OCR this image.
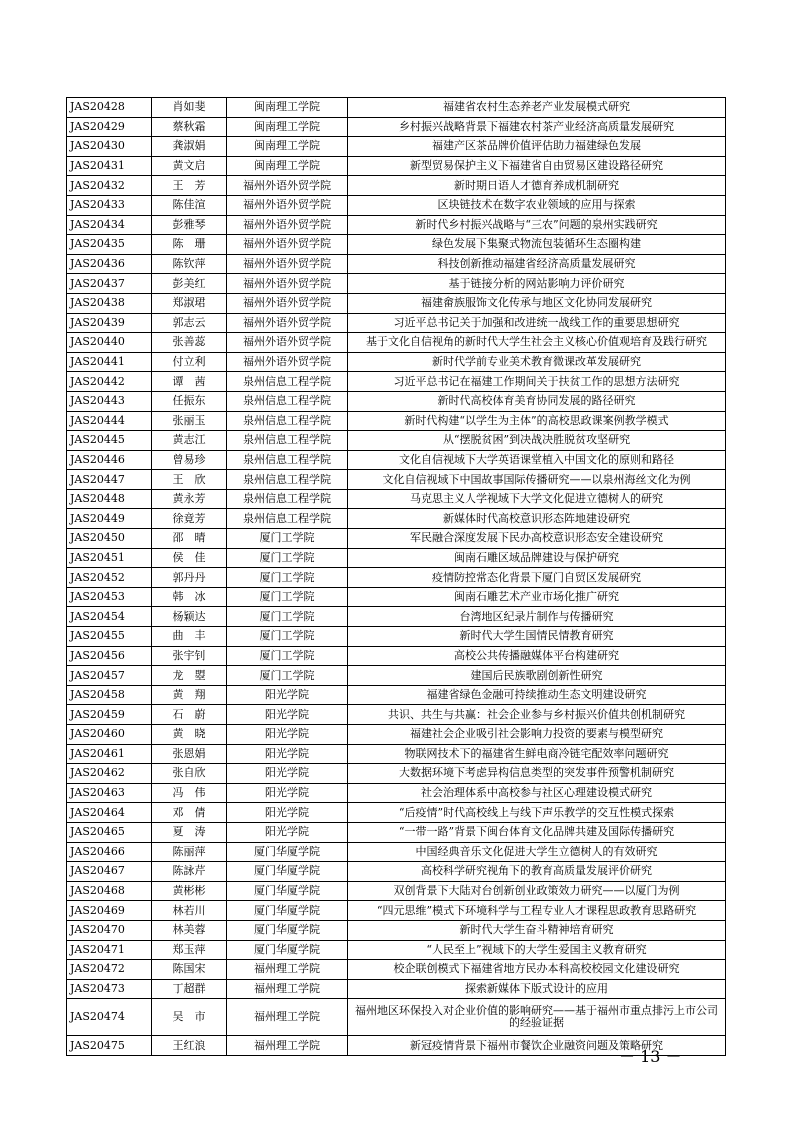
JAS20428	肖如斐	闽南理工学院	福建省农村生态养老产业发展模式研究
JAS20429	蔡秋霜	闽南理工学院	乡村振兴战略背景下福建农村茶产业经济高质量发展研究
JAS20430	龚淑娟	闽南理工学院	福建产区茶品牌价值评估助力福建绿色发展
JAS20431	黄文启	闽南理工学院	新型贸易保护主义下福建省自由贸易区建设路径研究
JAS20432	王　芳	福州外语外贸学院	新时期日语人才德育养成机制研究
JAS20433	陈佳渲	福州外语外贸学院	区块链技术在数字农业领域的应用与探索
JAS20434	彭雅琴	福州外语外贸学院	新时代乡村振兴战略与“三农”问题的泉州实践研究
JAS20435	陈　珊	福州外语外贸学院	绿色发展下集聚式物流包装循环生态圈构建
JAS20436	陈钦萍	福州外语外贸学院	科技创新推动福建省经济高质量发展研究
JAS20437	彭美红	福州外语外贸学院	基于链接分析的网站影响力评价研究
JAS20438	郑淑珺	福州外语外贸学院	福建畲族服饰文化传承与地区文化协同发展研究
JAS20439	郭志云	福州外语外贸学院	习近平总书记关于加强和改进统一战线工作的重要思想研究
JAS20440	张善蕊	福州外语外贸学院	基于文化自信视角的新时代大学生社会主义核心价值观培育及践行研究
JAS20441	付立利	福州外语外贸学院	新时代学前专业美术教育微课改革发展研究
JAS20442	谭　茜	泉州信息工程学院	习近平总书记在福建工作期间关于扶贫工作的思想方法研究
JAS20443	任振东	泉州信息工程学院	新时代高校体育美育协同发展的路径研究
JAS20444	张丽玉	泉州信息工程学院	新时代构建“以学生为主体”的高校思政课案例教学模式
JAS20445	黄志江	泉州信息工程学院	从“摆脱贫困”到决战决胜脱贫攻坚研究
JAS20446	曾易珍	泉州信息工程学院	文化自信视域下大学英语课堂植入中国文化的原则和路径
JAS20447	王　欣	泉州信息工程学院	文化自信视域下中国故事国际传播研究——以泉州海丝文化为例
JAS20448	黄永芳	泉州信息工程学院	马克思主义人学视域下大学文化促进立德树人的研究
JAS20449	徐竟芳	泉州信息工程学院	新媒体时代高校意识形态阵地建设研究
JAS20450	邵　晴	厦门工学院	军民融合深度发展下民办高校意识形态安全建设研究
JAS20451	侯　佳	厦门工学院	闽南石雕区域品牌建设与保护研究
JAS20452	郭丹丹	厦门工学院	疫情防控常态化背景下厦门自贸区发展研究
JAS20453	韩　冰	厦门工学院	闽南石雕艺术产业市场化推广研究
JAS20454	杨颖达	厦门工学院	台湾地区纪录片制作与传播研究
JAS20455	曲　丰	厦门工学院	新时代大学生国情民情教育研究
JAS20456	张宇钊	厦门工学院	高校公共传播融媒体平台构建研究
JAS20457	龙　曌	厦门工学院	建国后民族歌剧创新性研究
JAS20458	黄　翔	阳光学院	福建省绿色金融可持续推动生态文明建设研究
JAS20459	石　蔚	阳光学院	共识、共生与共赢：社会企业参与乡村振兴价值共创机制研究
JAS20460	黄　晓	阳光学院	福建社会企业吸引社会影响力投资的要素与模型研究
JAS20461	张恩娟	阳光学院	物联网技术下的福建省生鲜电商冷链宅配效率问题研究
JAS20462	张自欣	阳光学院	大数据环境下考虑异构信息类型的突发事件预警机制研究
JAS20463	冯　伟	阳光学院	社会治理体系中高校参与社区心理建设模式研究
JAS20464	邓　倩	阳光学院	“后疫情”时代高校线上与线下声乐教学的交互性模式探索
JAS20465	夏　涛	阳光学院	“一带一路”背景下闽台体育文化品牌共建及国际传播研究
JAS20466	陈丽萍	厦门华厦学院	中国经典音乐文化促进大学生立德树人的有效研究
JAS20467	陈詠芹	厦门华厦学院	高校科学研究视角下的教育高质量发展评价研究
JAS20468	黄彬彬	厦门华厦学院	双创背景下大陆对台创新创业政策效力研究——以厦门为例
JAS20469	林若川	厦门华厦学院	“四元思维”模式下环境科学与工程专业人才课程思政教育思路研究
JAS20470	林美蓉	厦门华厦学院	新时代大学生奋斗精神培育研究
JAS20471	郑玉萍	厦门华厦学院	“人民至上”视域下的大学生爱国主义教育研究
JAS20472	陈国宋	福州理工学院	校企联创模式下福建省地方民办本科高校校园文化建设研究
JAS20473	丁超群	福州理工学院	探索新媒体下版式设计的应用
JAS20474	吴　市	福州理工学院	福州地区环保投入对企业价值的影响研究——基于福州市重点排污上市公司的经验证据
JAS20475	王红浪	福州理工学院	新冠疫情背景下福州市餐饮企业融资问题及策略研究
－ 13 －
